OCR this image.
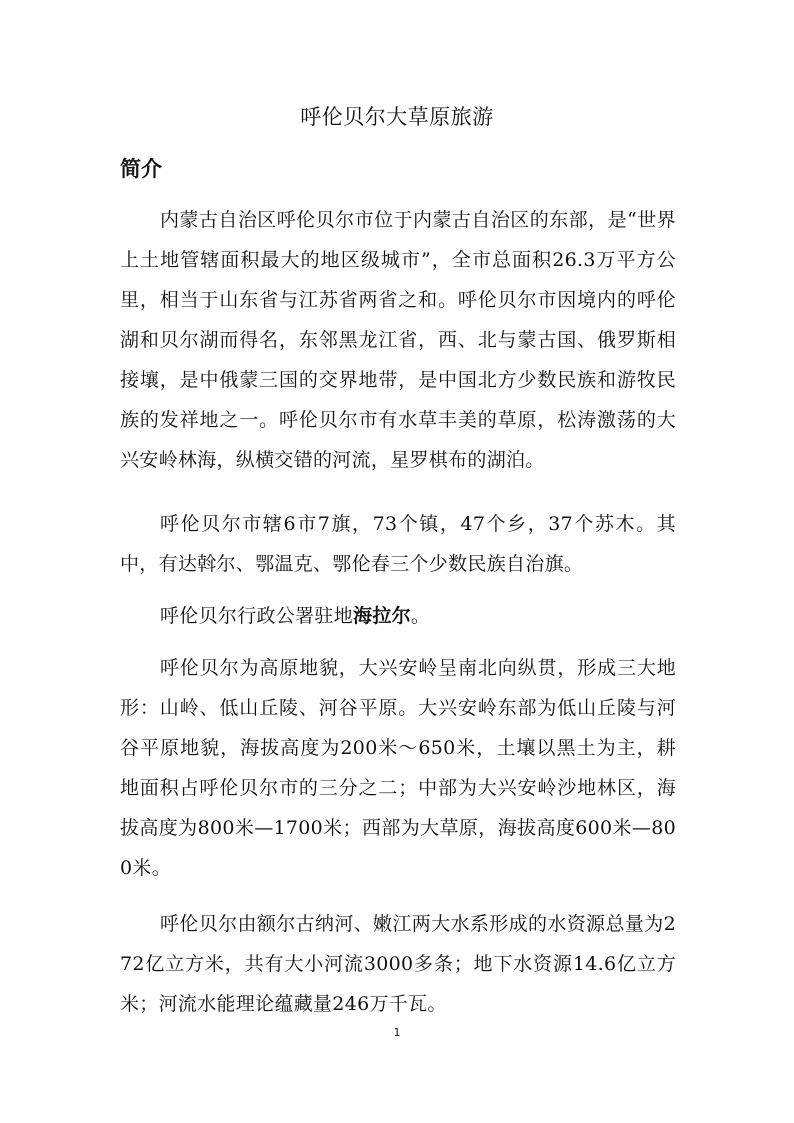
呼伦贝尔大草原旅游
简介

内蒙古自治区呼伦贝尔市位于内蒙古自治区的东部，是“世界上土地管辖面积最大的地区级城市”，全市总面积26.3万平方公里，相当于山东省与江苏省两省之和。呼伦贝尔市因境内的呼伦湖和贝尔湖而得名，东邻黑龙江省，西、北与蒙古国、俄罗斯相接壤，是中俄蒙三国的交界地带，是中国北方少数民族和游牧民族的发祥地之一。呼伦贝尔市有水草丰美的草原，松涛激荡的大兴安岭林海，纵横交错的河流，星罗棋布的湖泊。

呼伦贝尔市辖6市7旗，73个镇，47个乡，37个苏木。其中，有达斡尔、鄂温克、鄂伦春三个少数民族自治旗。

呼伦贝尔行政公署驻地海拉尔。

呼伦贝尔为高原地貌，大兴安岭呈南北向纵贯，形成三大地形：山岭、低山丘陵、河谷平原。大兴安岭东部为低山丘陵与河谷平原地貌，海拔高度为200米～650米，土壤以黑土为主，耕地面积占呼伦贝尔市的三分之二；中部为大兴安岭沙地林区，海拔高度为800米—1700米；西部为大草原，海拔高度600米—800米。

呼伦贝尔由额尔古纳河、嫩江两大水系形成的水资源总量为272亿立方米，共有大小河流3000多条；地下水资源14.6亿立方米；河流水能理论蕴藏量246万千瓦。

1
